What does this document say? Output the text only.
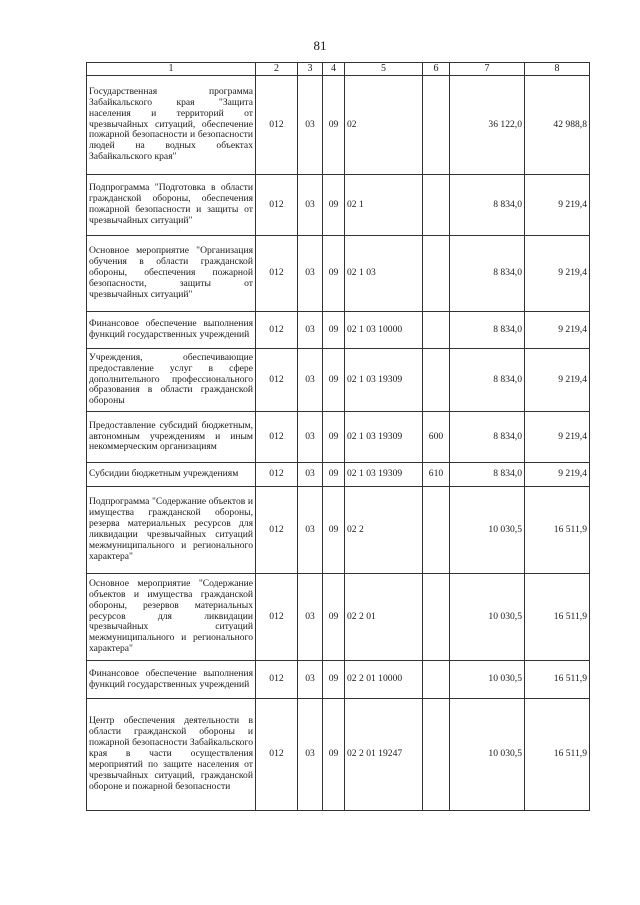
81
1	2	3	4	5	6	7	8
Государственная программа Забайкальского края "Защита населения и территорий от чрезвычайных ситуаций, обеспечение пожарной безопасности и безопасности людей на водных объектах Забайкальского края"	012	03	09	02		36 122,0	42 988,8
Подпрограмма "Подготовка в области гражданской обороны, обеспечения пожарной безопасности и защиты от чрезвычайных ситуаций"	012	03	09	02 1		8 834,0	9 219,4
Основное мероприятие "Организация обучения в области гражданской обороны, обеспечения пожарной безопасности, защиты от чрезвычайных ситуаций"	012	03	09	02 1 03		8 834,0	9 219,4
Финансовое обеспечение выполнения функций государственных учреждений	012	03	09	02 1 03 10000		8 834,0	9 219,4
Учреждения, обеспечивающие предоставление услуг в сфере дополнительного профессионального образования в области гражданской обороны	012	03	09	02 1 03 19309		8 834,0	9 219,4
Предоставление субсидий бюджетным, автономным учреждениям и иным некоммерческим организациям	012	03	09	02 1 03 19309	600	8 834,0	9 219,4
Субсидии бюджетным учреждениям	012	03	09	02 1 03 19309	610	8 834,0	9 219,4
Подпрограмма "Содержание объектов и имущества гражданской обороны, резерва материальных ресурсов для ликвидации чрезвычайных ситуаций межмуниципального и регионального характера"	012	03	09	02 2		10 030,5	16 511,9
Основное мероприятие "Содержание объектов и имущества гражданской обороны, резервов материальных ресурсов для ликвидации чрезвычайных ситуаций межмуниципального и регионального характера"	012	03	09	02 2 01		10 030,5	16 511,9
Финансовое обеспечение выполнения функций государственных учреждений	012	03	09	02 2 01 10000		10 030,5	16 511,9
Центр обеспечения деятельности в области гражданской обороны и пожарной безопасности Забайкальского края в части осуществления мероприятий по защите населения от чрезвычайных ситуаций, гражданской обороне и пожарной безопасности	012	03	09	02 2 01 19247		10 030,5	16 511,9
